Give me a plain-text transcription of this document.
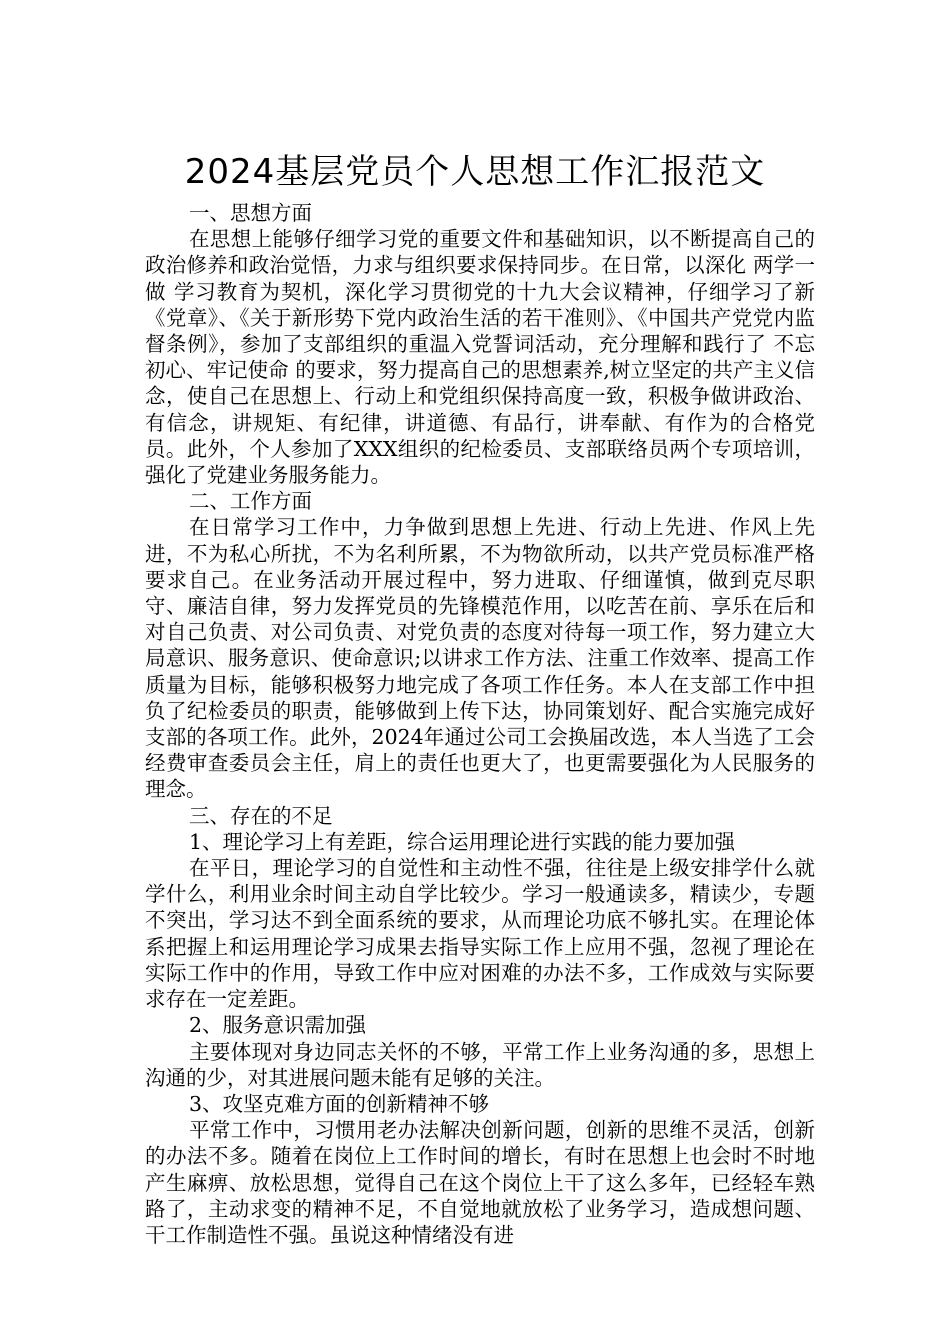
2024基层党员个人思想工作汇报范文

一、思想方面

在思想上能够仔细学习党的重要文件和基础知识，以不断提高自己的政治修养和政治觉悟，力求与组织要求保持同步。在日常，以深化 两学一做 学习教育为契机，深化学习贯彻党的十九大会议精神，仔细学习了新《党章》、《关于新形势下党内政治生活的若干准则》、《中国共产党党内监督条例》，参加了支部组织的重温入党誓词活动，充分理解和践行了 不忘初心、牢记使命 的要求，努力提高自己的思想素养,树立坚定的共产主义信念，使自己在思想上、行动上和党组织保持高度一致，积极争做讲政治、有信念，讲规矩、有纪律，讲道德、有品行，讲奉献、有作为的合格党员。此外，个人参加了XXX组织的纪检委员、支部联络员两个专项培训，强化了党建业务服务能力。

二、工作方面

在日常学习工作中，力争做到思想上先进、行动上先进、作风上先进，不为私心所扰，不为名利所累，不为物欲所动，以共产党员标准严格要求自己。在业务活动开展过程中，努力进取、仔细谨慎，做到克尽职守、廉洁自律，努力发挥党员的先锋模范作用，以吃苦在前、享乐在后和对自己负责、对公司负责、对党负责的态度对待每一项工作，努力建立大局意识、服务意识、使命意识;以讲求工作方法、注重工作效率、提高工作质量为目标，能够积极努力地完成了各项工作任务。本人在支部工作中担负了纪检委员的职责，能够做到上传下达，协同策划好、配合实施完成好支部的各项工作。此外，2024年通过公司工会换届改选，本人当选了工会经费审查委员会主任，肩上的责任也更大了，也更需要强化为人民服务的理念。

三、存在的不足

1、理论学习上有差距，综合运用理论进行实践的能力要加强

在平日，理论学习的自觉性和主动性不强，往往是上级安排学什么就学什么，利用业余时间主动自学比较少。学习一般通读多，精读少，专题不突出，学习达不到全面系统的要求，从而理论功底不够扎实。在理论体系把握上和运用理论学习成果去指导实际工作上应用不强，忽视了理论在实际工作中的作用，导致工作中应对困难的办法不多，工作成效与实际要求存在一定差距。

2、服务意识需加强

主要体现对身边同志关怀的不够，平常工作上业务沟通的多，思想上沟通的少，对其进展问题未能有足够的关注。

3、攻坚克难方面的创新精神不够

平常工作中，习惯用老办法解决创新问题，创新的思维不灵活，创新的办法不多。随着在岗位上工作时间的增长，有时在思想上也会时不时地产生麻痹、放松思想，觉得自己在这个岗位上干了这么多年，已经轻车熟路了，主动求变的精神不足，不自觉地就放松了业务学习，造成想问题、干工作制造性不强。虽说这种情绪没有进
